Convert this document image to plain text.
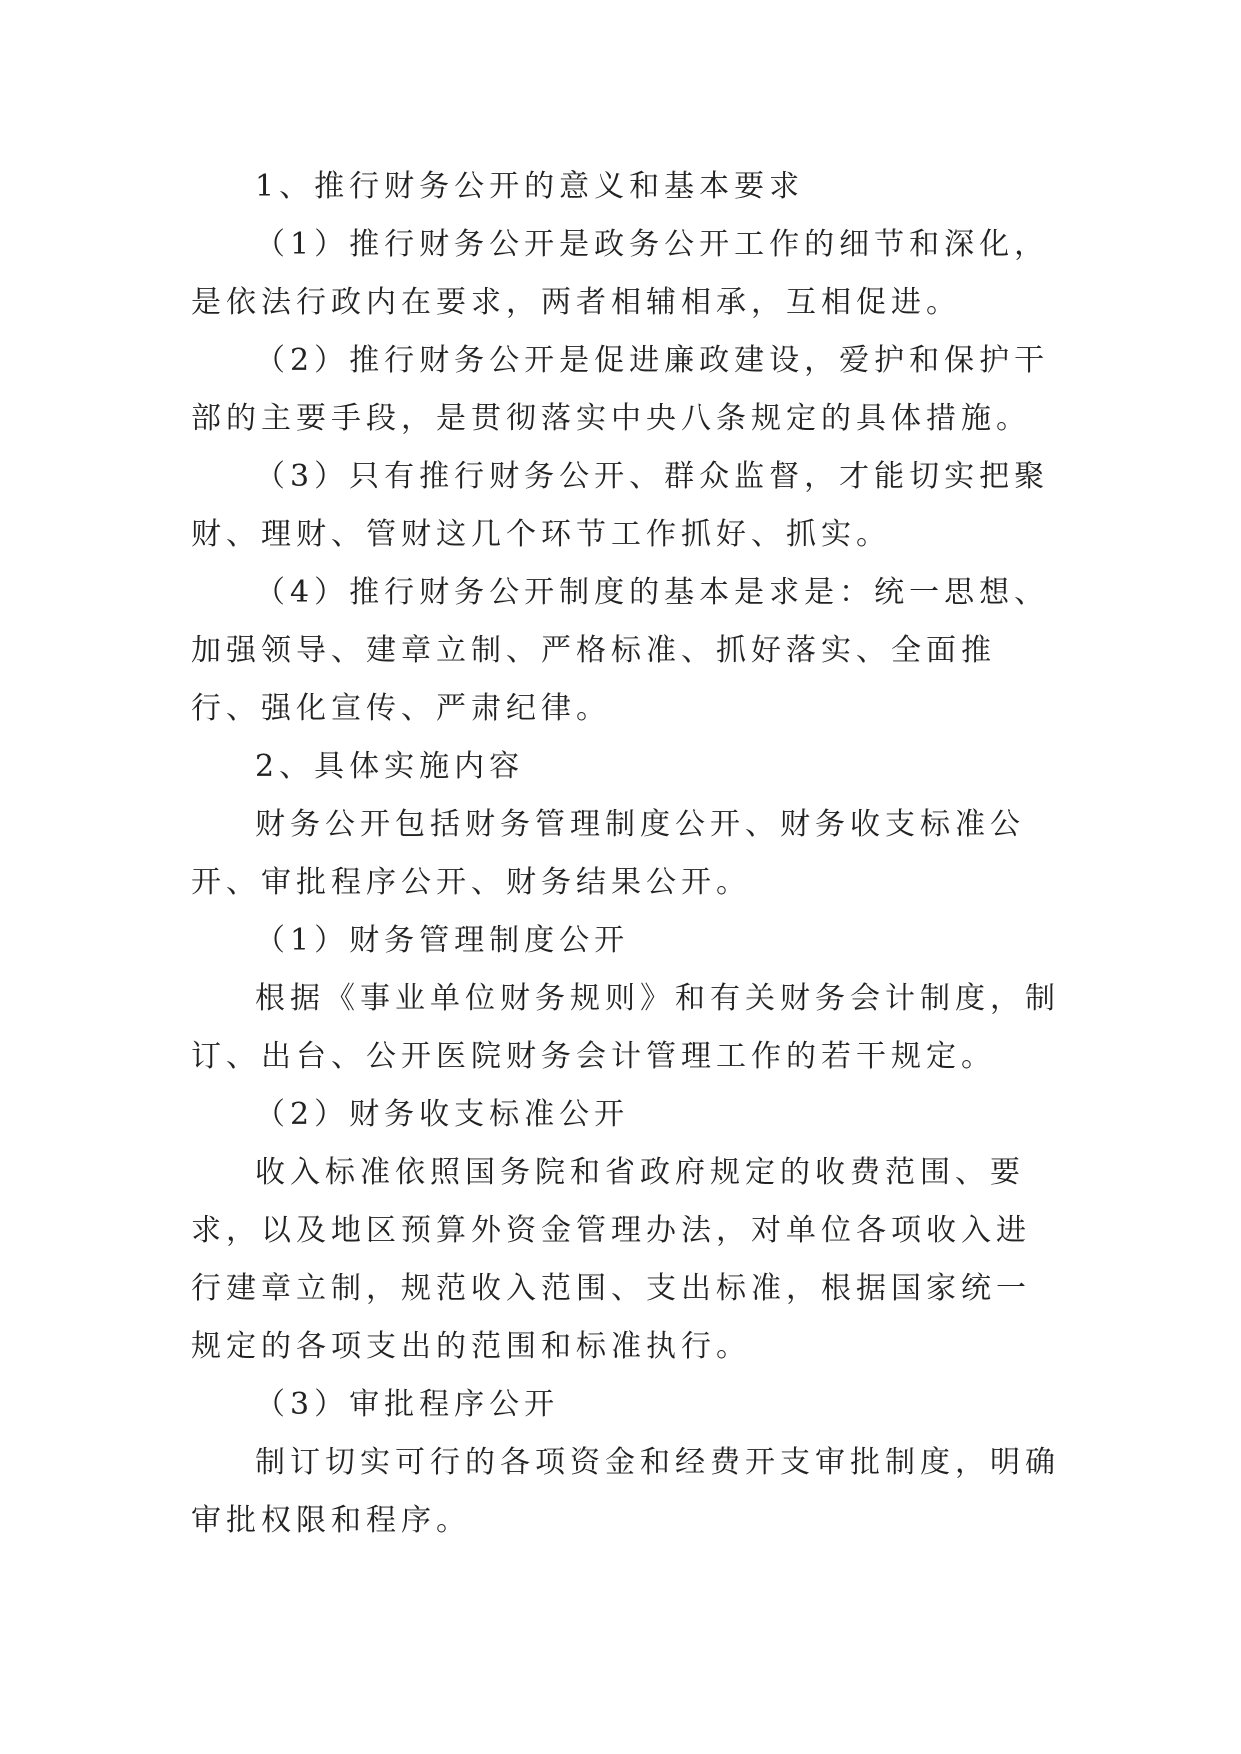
1、推行财务公开的意义和基本要求

（1）推行财务公开是政务公开工作的细节和深化，是依法行政内在要求，两者相辅相承，互相促进。

（2）推行财务公开是促进廉政建设，爱护和保护干部的主要手段，是贯彻落实中央八条规定的具体措施。

（3）只有推行财务公开、群众监督，才能切实把聚财、理财、管财这几个环节工作抓好、抓实。

（4）推行财务公开制度的基本是求是：统一思想、加强领导、建章立制、严格标准、抓好落实、全面推行、强化宣传、严肃纪律。

2、具体实施内容

财务公开包括财务管理制度公开、财务收支标准公开、审批程序公开、财务结果公开。

（1）财务管理制度公开

根据《事业单位财务规则》和有关财务会计制度，制订、出台、公开医院财务会计管理工作的若干规定。

（2）财务收支标准公开

收入标准依照国务院和省政府规定的收费范围、要求，以及地区预算外资金管理办法，对单位各项收入进行建章立制，规范收入范围、支出标准，根据国家统一规定的各项支出的范围和标准执行。

（3）审批程序公开

制订切实可行的各项资金和经费开支审批制度，明确审批权限和程序。
